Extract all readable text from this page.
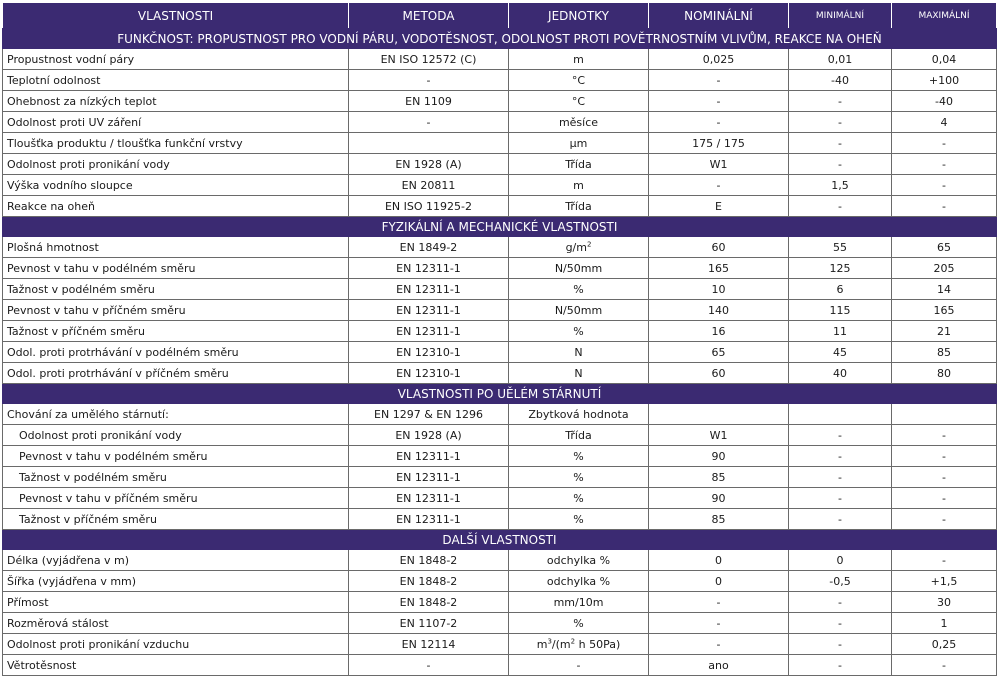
VLASTNOSTI	METODA	JEDNOTKY	NOMINÁLNÍ	MINIMÁLNÍ	MAXIMÁLNÍ
FUNKČNOST: PROPUSTNOST PRO VODNÍ PÁRU, VODOTĚSNOST, ODOLNOST PROTI POVĚTRNOSTNÍM VLIVŮM, REAKCE NA OHEŇ					
Propustnost vodní páry	EN ISO 12572 (C)	m	0,025	0,01	0,04
Teplotní odolnost	-	°C	-	-40	+100
Ohebnost za nízkých teplot	EN 1109	°C	-	-	-40
Odolnost proti UV záření	-	měsíce	-	-	4
Tloušťka produktu / tloušťka funkční vrstvy		µm	175 / 175	-	-
Odolnost proti pronikání vody	EN 1928 (A)	Třída	W1	-	-
Výška vodního sloupce	EN 20811	m	-	1,5	-
Reakce na oheň	EN ISO 11925-2	Třída	E	-	-
FYZIKÁLNÍ A MECHANICKÉ VLASTNOSTI					
Plošná hmotnost	EN 1849-2	$g/m^2$	60	55	65
Pevnost v tahu v podélném směru	EN 12311-1	N/50mm	165	125	205
Tažnost v podélném směru	EN 12311-1	%	10	6	14
Pevnost v tahu v příčném směru	EN 12311-1	N/50mm	140	115	165
Tažnost v příčném směru	EN 12311-1	%	16	11	21
Odol. proti protrhávání v podélném směru	EN 12310-1	N	65	45	85
Odol. proti protrhávání v příčném směru	EN 12310-1	N	60	40	80
VLASTNOSTI PO UĚLÉM STÁRNUTÍ					
Chování za umělého stárnutí:	EN 1297 & EN 1296	Zbytková hodnota			
Odolnost proti pronikání vody	EN 1928 (A)	Třída	W1	-	-
Pevnost v tahu v podélném směru	EN 12311-1	%	90	-	-
Tažnost v podélném směru	EN 12311-1	%	85	-	-
Pevnost v tahu v příčném směru	EN 12311-1	%	90	-	-
Tažnost v příčném směru	EN 12311-1	%	85	-	-
DALŠÍ VLASTNOSTI					
Délka (vyjádřena v m)	EN 1848-2	odchylka %	0	0	-
Šířka (vyjádřena v mm)	EN 1848-2	odchylka %	0	-0,5	+1,5
Přímost	EN 1848-2	mm/10m	-	-	30
Rozměrová stálost	EN 1107-2	%	-	-	1
Odolnost proti pronikání vzduchu	EN 12114	$m^3/(m^2$ h 50Pa)	-	-	0,25
Větrotěsnost	-	-	ano	-	-
